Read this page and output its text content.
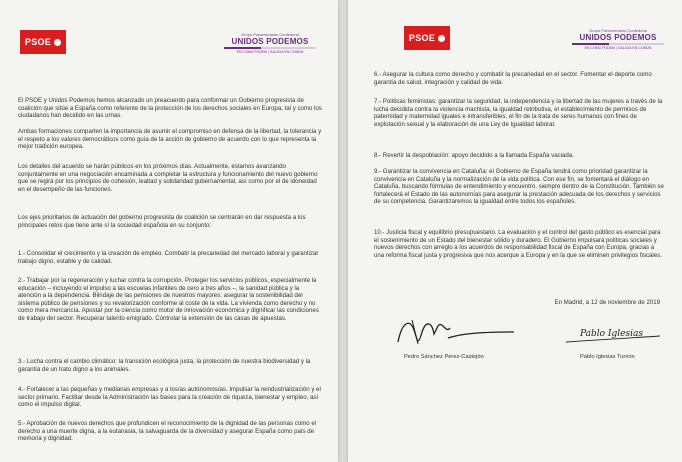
PSOE
Grupo Parlamentario Confederal
UNIDOS PODEMOS
EN COMÚ PODEM | GALICIA EN COMÚN

El PSOE y Unidos Podemos hemos alcanzado un preacuerdo para conformar un Gobierno progresista de coalición que sitúe a España como referente de la protección de los derechos sociales en Europa, tal y como los ciudadanos han decidido en las urnas.

Ambas formaciones comparten la importancia de asumir el compromiso en defensa de la libertad, la tolerancia y el respeto a los valores democráticos como guía de la acción de gobierno de acuerdo con lo que representa la mejor tradición europea.

Los detalles del acuerdo se harán públicos en los próximos días. Actualmente, estamos avanzando conjuntamente en una negociación encaminada a completar la estructura y funcionamiento del nuevo gobierno que se regirá por los principios de cohesión, lealtad y solidaridad gubernamental, así como por el de idoneidad en el desempeño de las funciones.

Los ejes prioritarios de actuación del gobierno progresista de coalición se centrarán en dar respuesta a los principales retos que tiene ante sí la sociedad española en su conjunto:

1.- Consolidar el crecimiento y la creación de empleo. Combatir la precariedad del mercado laboral y garantizar trabajo digno, estable y de calidad.

2.- Trabajar por la regeneración y luchar contra la corrupción. Proteger los servicios públicos, especialmente la educación – incluyendo el impulso a las escuelas infantiles de cero a tres años –, la sanidad pública y la atención a la dependencia. Blindaje de las pensiones de nuestros mayores: asegurar la sostenibilidad del sistema público de pensiones y su revalorización conforme al coste de la vida. La vivienda como derecho y no como mera mercancía. Apostar por la ciencia como motor de innovación económica y dignificar las condiciones de trabajo del sector. Recuperar talento emigrado. Controlar la extensión de las casas de apuestas.

3.- Lucha contra el cambio climático: la transición ecológica justa, la protección de nuestra biodiversidad y la garantía de un trato digno a los animales.

4.- Fortalecer a las pequeñas y medianas empresas y a los/as autónomos/as. Impulsar la reindustrialización y el sector primario. Facilitar desde la Administración las bases para la creación de riqueza, bienestar y empleo, así como el impulso digital.

5.- Aprobación de nuevos derechos que profundicen el reconocimiento de la dignidad de las personas como el derecho a una muerte digna, a la eutanasia, la salvaguarda de la diversidad y asegurar España como país de memoria y dignidad.

PSOE
Grupo Parlamentario Confederal
UNIDOS PODEMOS
EN COMÚ PODEM | GALICIA EN COMÚN

6.- Asegurar la cultura como derecho y combatir la precariedad en el sector. Fomentar el deporte como garantía de salud, integración y calidad de vida.

7.- Políticas feministas: garantizar la seguridad, la independencia y la libertad de las mujeres a través de la lucha decidida contra la violencia machista, la igualdad retributiva, el establecimiento de permisos de paternidad y maternidad iguales e intransferibles, el fin de la trata de seres humanos con fines de explotación sexual y la elaboración de una Ley de Igualdad laboral.

8.- Revertir la despoblación: apoyo decidido a la llamada España vaciada.

9.- Garantizar la convivencia en Cataluña: el Gobierno de España tendrá como prioridad garantizar la convivencia en Cataluña y la normalización de la vida política. Con ese fin, se fomentará el diálogo en Cataluña, buscando fórmulas de entendimiento y encuentro, siempre dentro de la Constitución. También se fortalecerá el Estado de las autonomías para asegurar la prestación adecuada de los derechos y servicios de su competencia. Garantizaremos la igualdad entre todos los españoles.

10.- Justicia fiscal y equilibrio presupuestario. La evaluación y el control del gasto público es esencial para el sostenimiento de un Estado del bienestar sólido y duradero. El Gobierno impulsará políticas sociales y nuevos derechos con arreglo a los acuerdos de responsabilidad fiscal de España con Europa, gracias a una reforma fiscal justa y progresiva que nos acerque a Europa y en la que se eliminen privilegios fiscales.

En Madrid, a 12 de noviembre de 2019
Pedro Sánchez Pérez-Castejón
Pablo Iglesias
Pablo Iglesias Turrión
